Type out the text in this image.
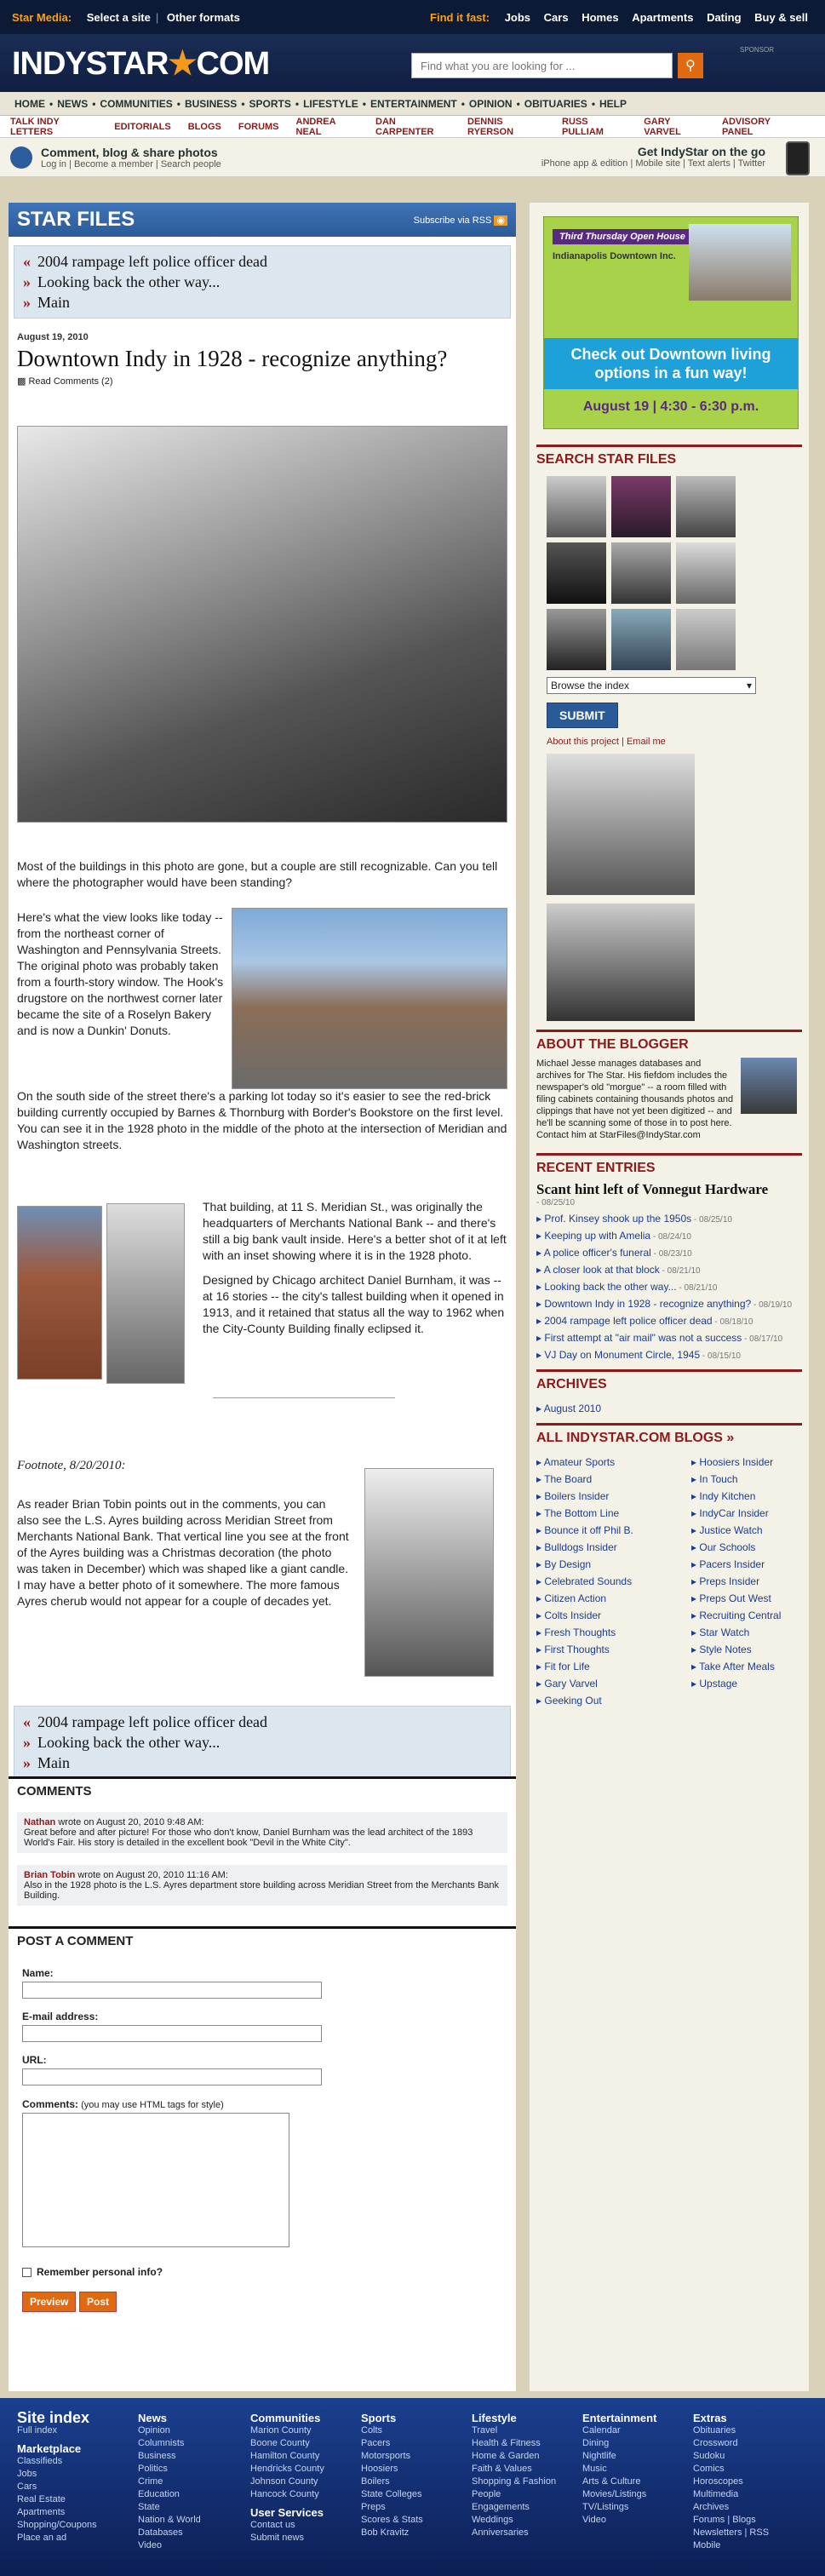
Star Media: Select a site | Other formats	Find it fast: Jobs Cars Homes Apartments Dating Buy & sell
INDYSTAR★COM
Find what you are looking for ...	⚲
SPONSOR
HOME • NEWS • COMMUNITIES • BUSINESS • SPORTS • LIFESTYLE • ENTERTAINMENT • OPINION • OBITUARIES • HELP
TALK INDY LETTERS	EDITORIALS BLOGS FORUMS ANDREA NEAL
DAN CARPENTER
DENNIS RYERSON
RUSS PULLIAM
GARY VARVEL
ADVISORY PANEL
Comment, blog & share photos
Log in | Become a member | Search people
Get IndyStar on the go
iPhone app & edition | Mobile site | Text alerts | Twitter
STAR FILES	Subscribe via RSS ◉
« 2004 rampage left police officer dead
» Looking back the other way...
» Main
August 19, 2010
Downtown Indy in 1928 - recognize anything?
▩ Read Comments (2)
Most of the buildings in this photo are gone, but a couple are still recognizable. Can you tell where the photographer would have been standing?
Here's what the view looks like today -- from the northeast corner of Washington and Pennsylvania Streets. The original photo was probably taken from a fourth-story window. The Hook's drugstore on the northwest corner later became the site of a Roselyn Bakery and is now a Dunkin' Donuts.
On the south side of the street there's a parking lot today so it's easier to see the red-brick building currently occupied by Barnes & Thornburg with Border's Bookstore on the first level. You can see it in the 1928 photo in the middle of the photo at the intersection of Meridian and Washington streets.
That building, at 11 S. Meridian St., was originally the headquarters of Merchants National Bank -- and there's still a big bank vault inside. Here's a better shot of it at left with an inset showing where it is in the 1928 photo.
Designed by Chicago architect Daniel Burnham, it was -- at 16 stories -- the city's tallest building when it opened in 1913, and it retained that status all the way to 1962 when the City-County Building finally eclipsed it.
Footnote, 8/20/2010:
As reader Brian Tobin points out in the comments, you can also see the L.S. Ayres building across Meridian Street from Merchants National Bank. That vertical line you see at the front of the Ayres building was a Christmas decoration (the photo was taken in December) which was shaped like a giant candle. I may have a better photo of it somewhere. The more famous Ayres cherub would not appear for a couple of decades yet.
« 2004 rampage left police officer dead
» Looking back the other way...
» Main
COMMENTS
Nathan wrote on August 20, 2010 9:48 AM:
Great before and after picture! For those who don't know, Daniel Burnham was the lead architect of the 1893 World's Fair. His story is detailed in the excellent book "Devil in the White City".
Brian Tobin wrote on August 20, 2010 11:16 AM:
Also in the 1928 photo is the L.S. Ayres department store building across Meridian Street from the Merchants Bank Building.
POST A COMMENT
Name:
E-mail address:
URL:
Comments: (you may use HTML tags for style)
Remember personal info?
Preview Post
Third Thursday Open House
Indianapolis Downtown Inc.
Check out Downtown living options in a fun way!
August 19 | 4:30 - 6:30 p.m.
SEARCH STAR FILES
Browse the index	▾
SUBMIT
About this project | Email me
ABOUT THE BLOGGER
Michael Jesse manages databases and archives for The Star. His fiefdom includes the newspaper's old "morgue" -- a room filled with filing cabinets containing thousands photos and clippings that have not yet been digitized -- and he'll be scanning some of those in to post here. Contact him at StarFiles@IndyStar.com
RECENT ENTRIES
Scant hint left of Vonnegut Hardware
- 08/25/10
▸ Prof. Kinsey shook up the 1950s - 08/25/10
▸ Keeping up with Amelia - 08/24/10
▸ A police officer's funeral - 08/23/10
▸ A closer look at that block - 08/21/10
▸ Looking back the other way... - 08/21/10
▸ Downtown Indy in 1928 - recognize anything? - 08/19/10
▸ 2004 rampage left police officer dead - 08/18/10
▸ First attempt at "air mail" was not a success - 08/17/10
▸ VJ Day on Monument Circle, 1945 - 08/15/10
ARCHIVES
▸ August 2010
ALL INDYSTAR.COM BLOGS »
▸ Amateur Sports
▸ The Board
▸ Boilers Insider
▸ The Bottom Line
▸ Bounce it off Phil B.
▸ Bulldogs Insider
▸ By Design
▸ Celebrated Sounds
▸ Citizen Action
▸ Colts Insider
▸ Fresh Thoughts
▸ First Thoughts
▸ Fit for Life
▸ Gary Varvel
▸ Geeking Out
▸ Hoosiers Insider
▸ In Touch
▸ Indy Kitchen
▸ IndyCar Insider
▸ Justice Watch
▸ Our Schools
▸ Pacers Insider
▸ Preps Insider
▸ Preps Out West
▸ Recruiting Central
▸ Star Watch
▸ Style Notes
▸ Take After Meals
▸ Upstage
Site index
Full index
Marketplace
Classifieds
Jobs
Cars
Real Estate
Apartments
Shopping/Coupons
Place an ad
News
Opinion
Columnists
Business
Politics
Crime
Education
State
Nation & World
Databases
Video
Communities
Marion County
Boone County
Hamilton County
Hendricks County
Johnson County
Hancock County
User Services
Contact us
Submit news
Sports
Colts
Pacers
Motorsports
Hoosiers
Boilers
State Colleges
Preps
Scores & Stats
Bob Kravitz
Lifestyle
Travel
Health & Fitness
Home & Garden
Faith & Values
Shopping & Fashion
People
Engagements
Weddings
Anniversaries
Entertainment
Calendar
Dining
Nightlife
Music
Arts & Culture
Movies/Listings
TV/Listings
Video
Extras
Obituaries
Crossword
Sudoku
Comics
Horoscopes
Multimedia
Archives
Forums | Blogs
Newsletters | RSS
Mobile
